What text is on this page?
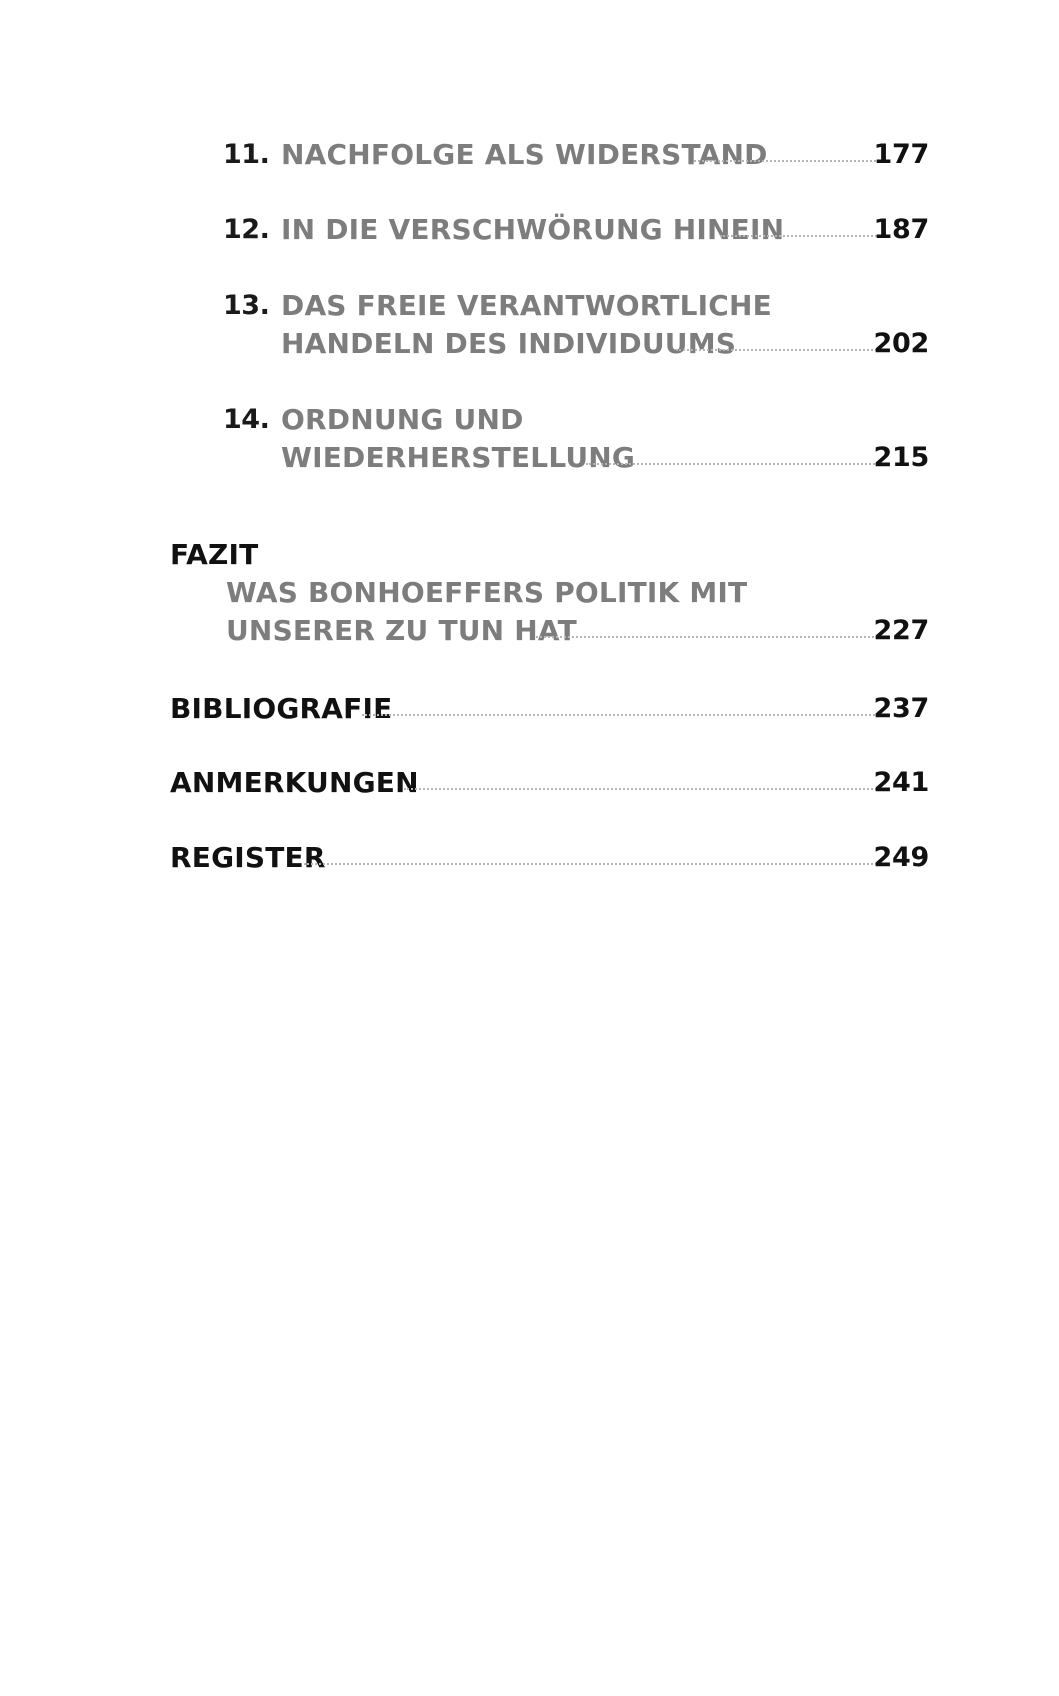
11. NACHFOLGE ALS WIDERSTAND	177
12. IN DIE VERSCHWÖRUNG HINEIN	187
13. DAS FREIE VERANTWORTLICHE
HANDELN DES INDIVIDUUMS	202
14. ORDNUNG UND
WIEDERHERSTELLUNG	215
FAZIT
WAS BONHOEFFERS POLITIK MIT
UNSERER ZU TUN HAT	227
BIBLIOGRAFIE	237
ANMERKUNGEN	241
REGISTER	249
